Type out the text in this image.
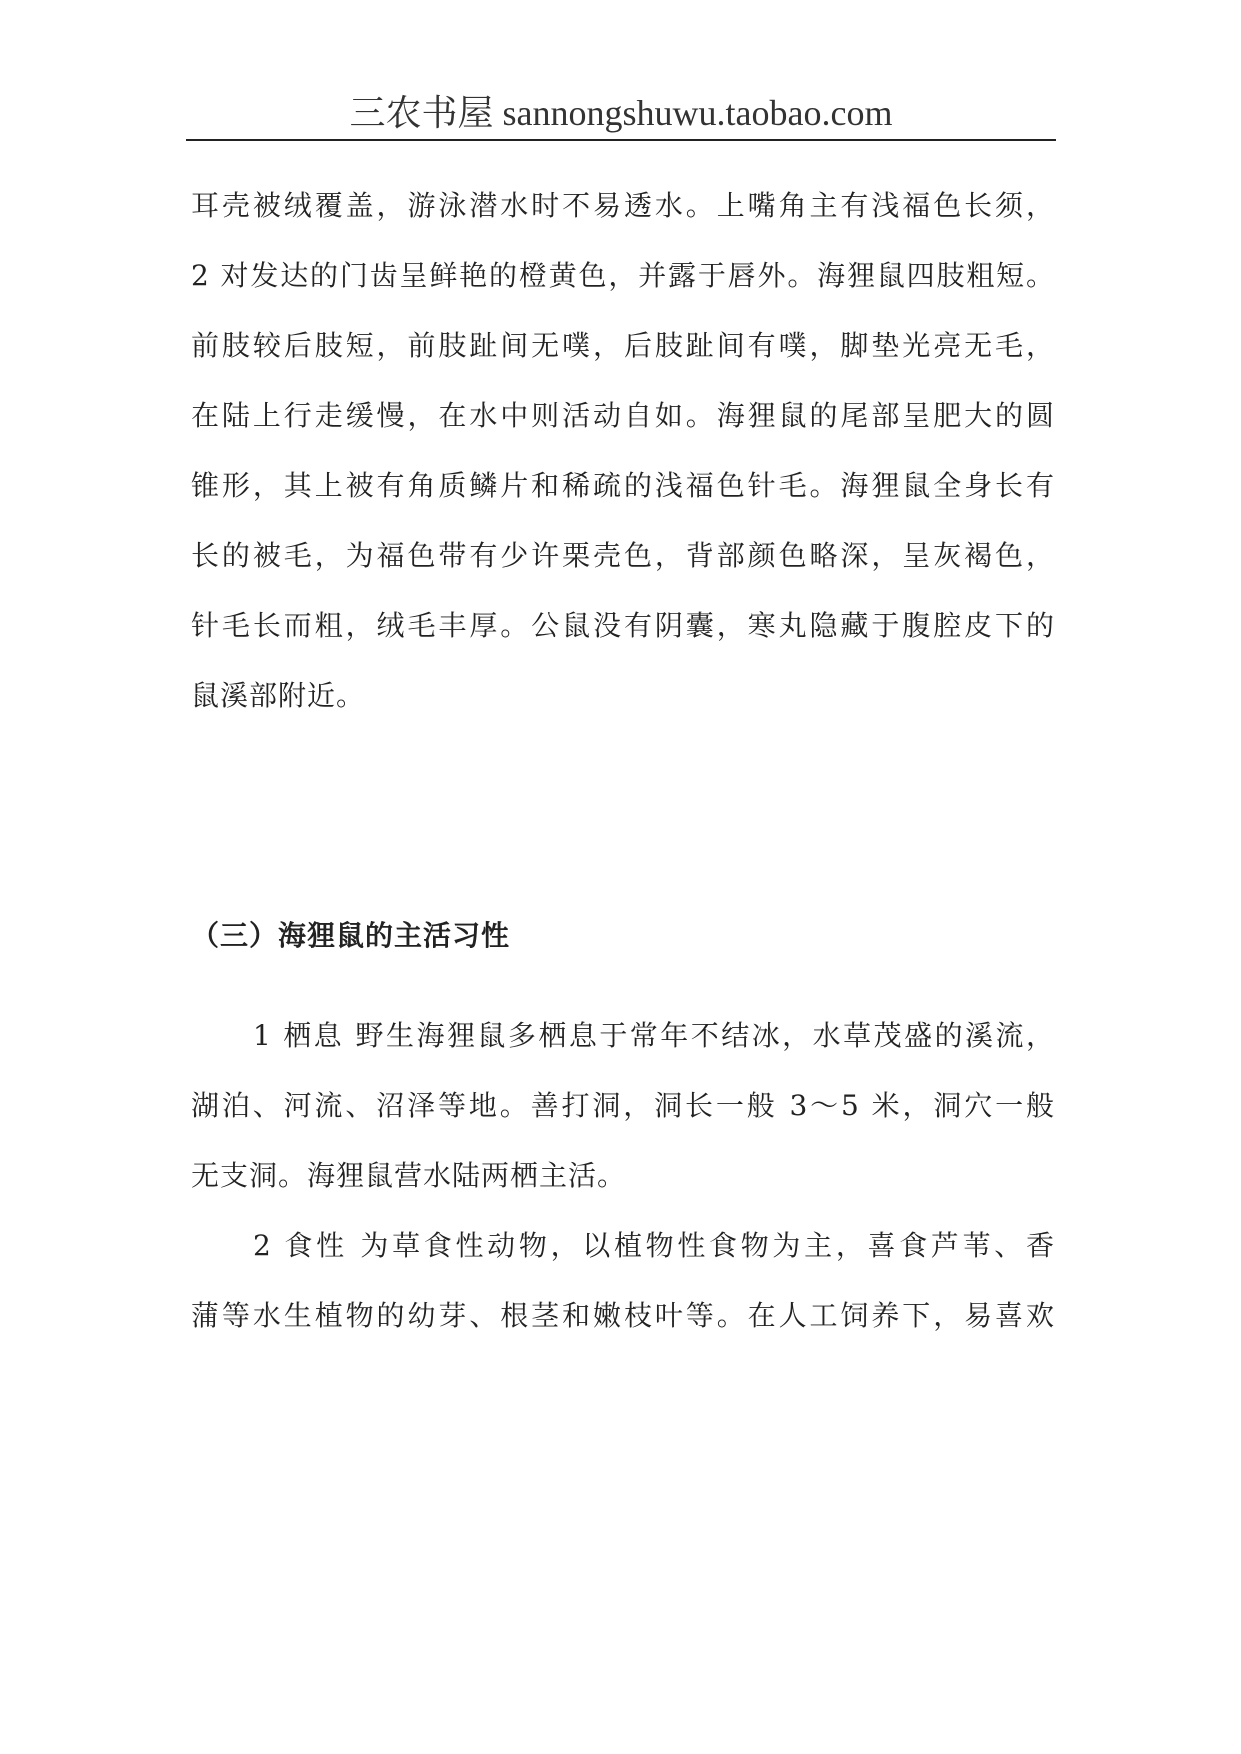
三农书屋 sannongshuwu.taobao.com
耳壳被绒覆盖，游泳潜水时不易透水。上嘴角主有浅福色长须，
2 对发达的门齿呈鲜艳的橙黄色，并露于唇外。海狸鼠四肢粗短。
前肢较后肢短，前肢趾间无噗，后肢趾间有噗，脚垫光亮无毛，
在陆上行走缓慢，在水中则活动自如。海狸鼠的尾部呈肥大的圆
锥形，其上被有角质鳞片和稀疏的浅福色针毛。海狸鼠全身长有
长的被毛，为福色带有少许栗壳色，背部颜色略深，呈灰褐色，
针毛长而粗，绒毛丰厚。公鼠没有阴囊，寒丸隐藏于腹腔皮下的
鼠溪部附近。
（三）海狸鼠的主活习性
1 栖息 野生海狸鼠多栖息于常年不结冰，水草茂盛的溪流，
湖泊、河流、沼泽等地。善打洞，洞长一般 3～5 米，洞穴一般
无支洞。海狸鼠营水陆两栖主活。
2 食性 为草食性动物，以植物性食物为主，喜食芦苇、香
蒲等水生植物的幼芽、根茎和嫩枝叶等。在人工饲养下，易喜欢
